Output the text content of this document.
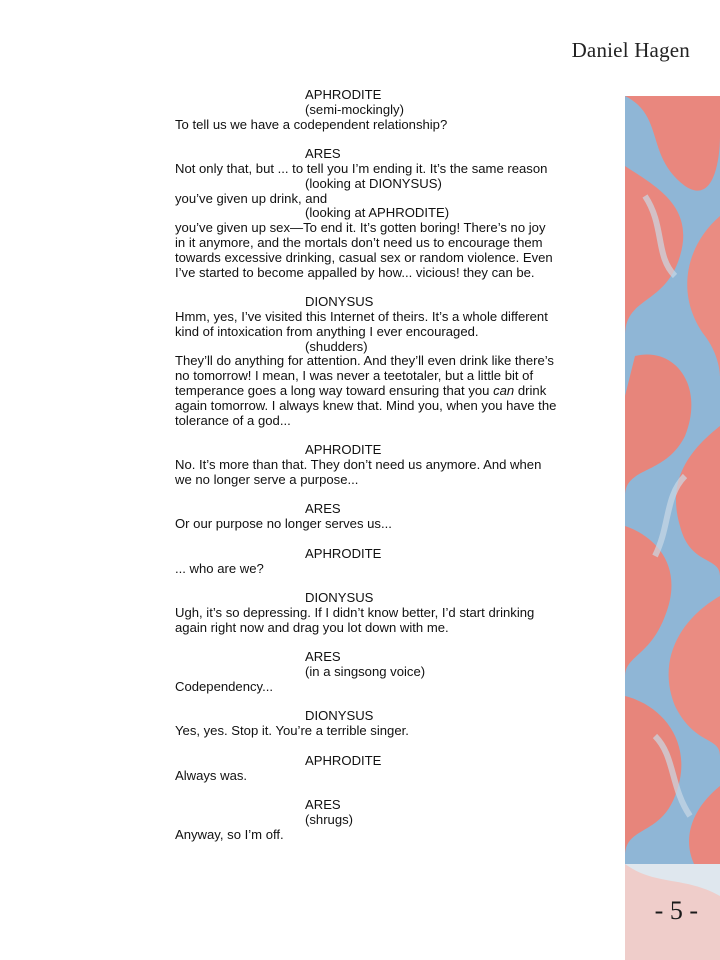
Daniel Hagen
APHRODITE
(semi-mockingly)
To tell us we have a codependent relationship?
ARES
Not only that, but ... to tell you I’m ending it. It’s the same reason
(looking at DIONYSUS)
you’ve given up drink, and
(looking at APHRODITE)
you’ve given up sex—To end it. It’s gotten boring! There’s no joy
in it anymore, and the mortals don’t need us to encourage them
towards excessive drinking, casual sex or random violence. Even
I’ve started to become appalled by how... vicious! they can be.
DIONYSUS
Hmm, yes, I’ve visited this Internet of theirs. It’s a whole different
kind of intoxication from anything I ever encouraged.
(shudders)
They’ll do anything for attention. And they’ll even drink like there’s
no tomorrow! I mean, I was never a teetotaler, but a little bit of
temperance goes a long way toward ensuring that you can drink
again tomorrow. I always knew that. Mind you, when you have the
tolerance of a god...
APHRODITE
No. It’s more than that. They don’t need us anymore. And when
we no longer serve a purpose...
ARES
Or our purpose no longer serves us...
APHRODITE
... who are we?
DIONYSUS
Ugh, it’s so depressing. If I didn’t know better, I’d start drinking
again right now and drag you lot down with me.
ARES
(in a singsong voice)
Codependency...
DIONYSUS
Yes, yes. Stop it. You’re a terrible singer.
APHRODITE
Always was.
ARES
(shrugs)
Anyway, so I’m off.
- 5 -
